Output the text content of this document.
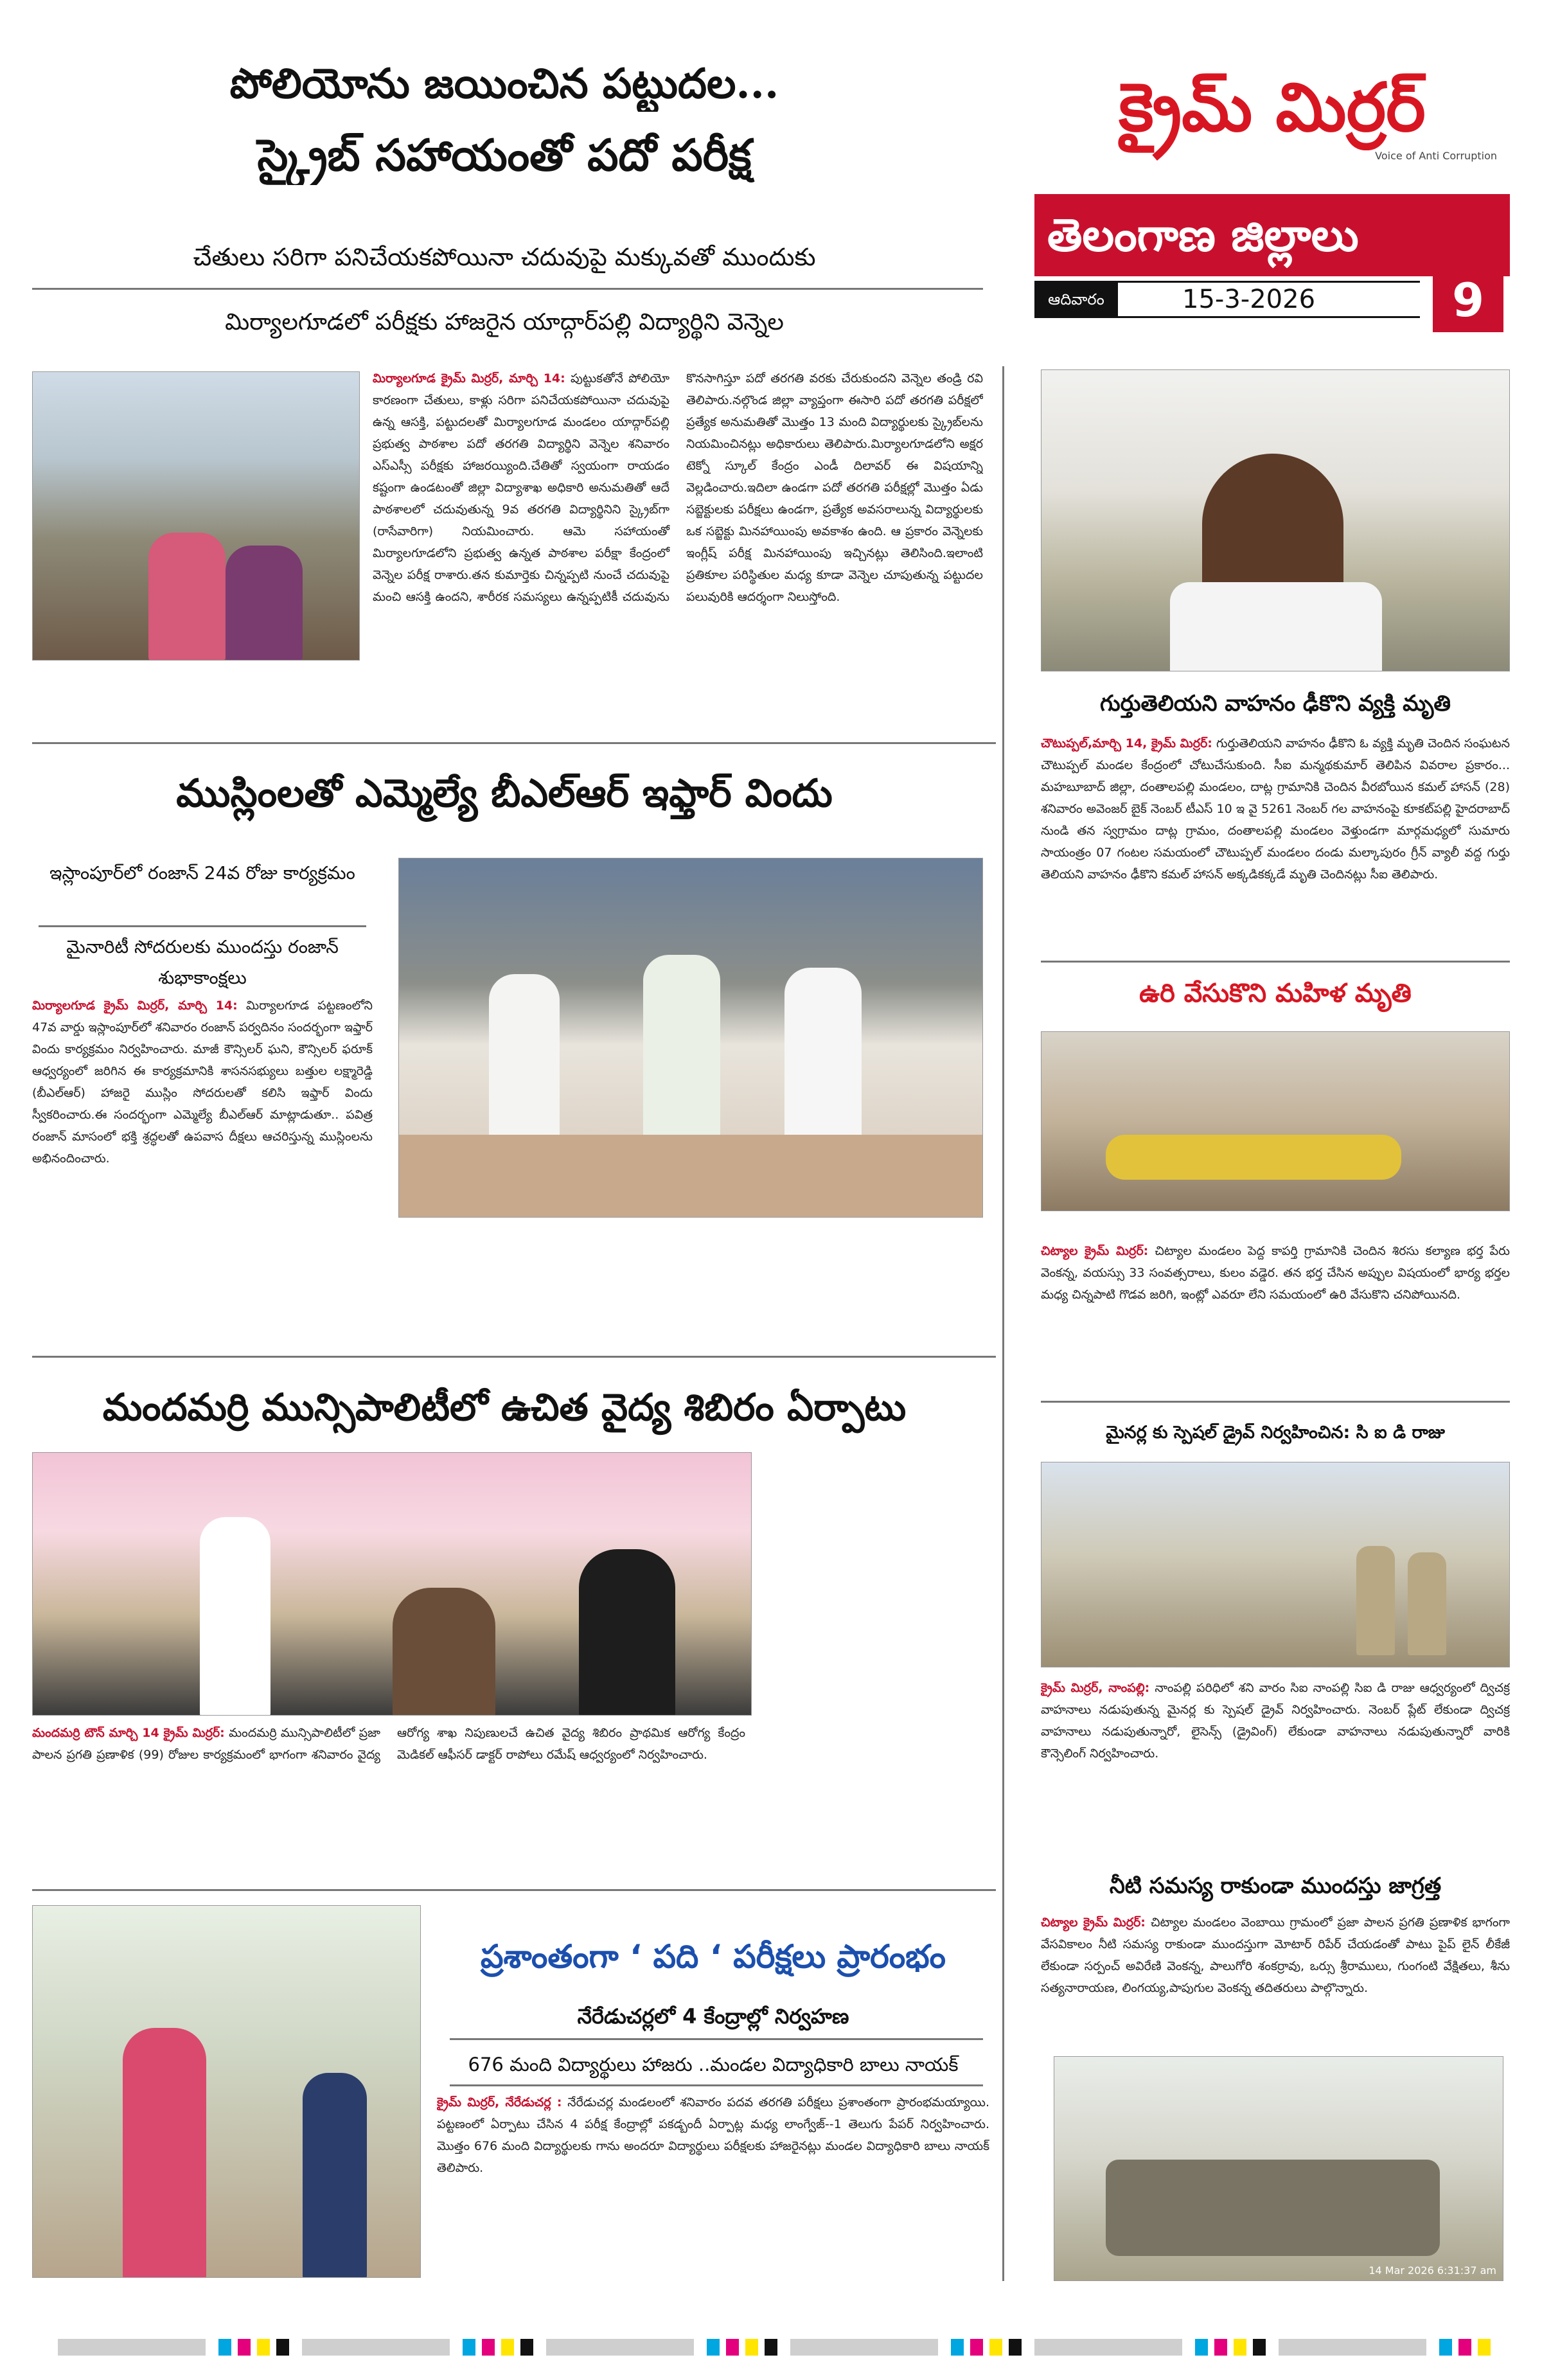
పోలియోను జయించిన పట్టుదల...
స్క్రైబ్ సహాయంతో పదో పరీక్ష
చేతులు సరిగా పనిచేయకపోయినా చదువుపై మక్కువతో ముందుకు
మిర్యాలగూడలో పరీక్షకు హాజరైన యాద్గార్‌పల్లి విద్యార్థిని వెన్నెల
క్రైమ్ మిర్రర్
Voice of Anti Corruption
తెలంగాణ జిల్లాలు
ఆదివారం	15-3-2026	9
మిర్యాలగూడ క్రైమ్ మిర్రర్, మార్చి 14: పుట్టుకతోనే పోలియో కారణంగా చేతులు, కాళ్లు సరిగా పనిచేయకపోయినా చదువుపై ఉన్న ఆసక్తి, పట్టుదలతో మిర్యాలగూడ మండలం యాద్గార్‌పల్లి ప్రభుత్వ పాఠశాల పదో తరగతి విద్యార్థిని వెన్నెల శనివారం ఎస్ఎస్సీ పరీక్షకు హాజరయ్యింది.చేతితో స్వయంగా రాయడం కష్టంగా ఉండటంతో జిల్లా విద్యాశాఖ అధికారి అనుమతితో ఆదే పాఠశాలలో చదువుతున్న 9వ తరగతి విద్యార్థినిని స్క్రైబ్‌గా (రాసేవారిగా) నియమించారు. ఆమె సహాయంతో మిర్యాలగూడలోని ప్రభుత్వ ఉన్నత పాఠశాల పరీక్షా కేంద్రంలో వెన్నెల పరీక్ష రాశారు.తన కుమార్తెకు చిన్నప్పటి నుంచే చదువుపై మంచి ఆసక్తి ఉందని, శారీరక సమస్యలు ఉన్నప్పటికీ చదువును కొనసాగిస్తూ పదో తరగతి వరకు చేరుకుందని వెన్నెల తండ్రి రవి తెలిపారు.నల్గొండ జిల్లా వ్యాప్తంగా ఈసారి పదో తరగతి పరీక్షలో ప్రత్యేక అనుమతితో మొత్తం 13 మంది విద్యార్థులకు స్క్రైబ్‌లను నియమించినట్లు అధికారులు తెలిపారు.మిర్యాలగూడలోని అక్షర టెక్నో స్కూల్ కేంద్రం ఎండీ దిలావర్ ఈ విషయాన్ని వెల్లడించారు.ఇదిలా ఉండగా పదో తరగతి పరీక్షల్లో మొత్తం ఏడు సబ్జెక్టులకు పరీక్షలు ఉండగా, ప్రత్యేక అవసరాలున్న విద్యార్థులకు ఒక సబ్జెక్టు మినహాయింపు అవకాశం ఉంది. ఆ ప్రకారం వెన్నెలకు ఇంగ్లీష్ పరీక్ష మినహాయింపు ఇచ్చినట్లు తెలిసింది.ఇలాంటి ప్రతికూల పరిస్థితుల మధ్య కూడా వెన్నెల చూపుతున్న పట్టుదల పలువురికి ఆదర్శంగా నిలుస్తోంది.
ముస్లింలతో ఎమ్మెల్యే బీఎల్ఆర్ ఇఫ్తార్ విందు
ఇస్లాంపూర్‌లో రంజాన్ 24వ రోజు కార్యక్రమం
మైనారిటీ సోదరులకు ముందస్తు రంజాన్ శుభాకాంక్షలు
మిర్యాలగూడ క్రైమ్ మిర్రర్, మార్చి 14: మిర్యాలగూడ పట్టణంలోని 47వ వార్డు ఇస్లాంపూర్‌లో శనివారం రంజాన్ పర్వదినం సందర్భంగా ఇఫ్తార్ విందు కార్యక్రమం నిర్వహించారు. మాజీ కౌన్సిలర్ ఘని, కౌన్సిలర్ ఫరూక్ ఆధ్వర్యంలో జరిగిన ఈ కార్యక్రమానికి శాసనసభ్యులు బత్తుల లక్ష్మారెడ్డి (బీఎల్ఆర్) హాజరై ముస్లిం సోదరులతో కలిసి ఇఫ్తార్ విందు స్వీకరించారు.ఈ సందర్భంగా ఎమ్మెల్యే బీఎల్ఆర్ మాట్లాడుతూ.. పవిత్ర రంజాన్ మాసంలో భక్తి శ్రద్ధలతో ఉపవాస దీక్షలు ఆచరిస్తున్న ముస్లింలను అభినందించారు.
మందమర్రి మున్సిపాలిటీలో ఉచిత వైద్య శిబిరం ఏర్పాటు
మందమర్రి టౌన్ మార్చి 14 క్రైమ్ మిర్రర్: మందమర్రి మున్సిపాలిటీలో ప్రజా పాలన ప్రగతి ప్రణాళిక (99) రోజుల కార్యక్రమంలో భాగంగా శనివారం వైద్య ఆరోగ్య శాఖ నిపుణులచే ఉచిత వైద్య శిబిరం ప్రాథమిక ఆరోగ్య కేంద్రం మెడికల్ ఆఫీసర్ డాక్టర్ రాపోలు రమేష్ ఆధ్వర్యంలో నిర్వహించారు.
ప్రశాంతంగా ‘ పది ‘ పరీక్షలు ప్రారంభం
నేరేడుచర్లలో 4 కేంద్రాల్లో నిర్వహణ
676 మంది విద్యార్థులు హాజరు ..మండల విద్యాధికారి బాలు నాయక్
క్రైమ్ మిర్రర్, నేరేడుచర్ల : నేరేడుచర్ల మండలంలో శనివారం పదవ తరగతి పరీక్షలు ప్రశాంతంగా ప్రారంభమయ్యాయి. పట్టణంలో ఏర్పాటు చేసిన 4 పరీక్ష కేంద్రాల్లో పకడ్బందీ ఏర్పాట్ల మధ్య లాంగ్వేజ్--1 తెలుగు పేపర్ నిర్వహించారు. మొత్తం 676 మంది విద్యార్థులకు గాను అందరూ విద్యార్థులు పరీక్షలకు హాజరైనట్లు మండల విద్యాధికారి బాలు నాయక్ తెలిపారు.
గుర్తుతెలియని వాహనం ఢీకొని వ్యక్తి మృతి
చౌటుప్పల్,మార్చి 14, క్రైమ్ మిర్రర్: గుర్తుతెలియని వాహనం ఢీకొని ఓ వ్యక్తి మృతి చెందిన సంఘటన చౌటుప్పల్ మండల కేంద్రంలో చోటుచేసుకుంది. సీఐ మన్మథకుమార్ తెలిపిన వివరాల ప్రకారం... మహబూబాద్ జిల్లా, దంతాలపల్లి మండలం, దాట్ల గ్రామానికి చెందిన వీరబోయిన కమల్ హాసన్ (28) శనివారం అవెంజర్ బైక్ నెంబర్ టీఎస్ 10 ఇ వై 5261 నెంబర్ గల వాహనంపై కూకట్‌పల్లి హైదరాబాద్ నుండి తన స్వగ్రామం దాట్ల గ్రామం, దంతాలపల్లి మండలం వెళ్తుండగా మార్గమధ్యలో సుమారు సాయంత్రం 07 గంటల సమయంలో చౌటుప్పల్ మండలం దండు మల్కాపురం గ్రీన్ వ్యాలీ వద్ద గుర్తు తెలియని వాహనం ఢీకొని కమల్ హాసన్ అక్కడికక్కడే మృతి చెందినట్లు సీఐ తెలిపారు.
ఉరి వేసుకొని మహిళ మృతి
చిట్యాల క్రైమ్ మిర్రర్: చిట్యాల మండలం పెద్ద కాపర్తి గ్రామానికి చెందిన శిరసు కల్యాణ భర్త పేరు వెంకన్న, వయస్సు 33 సంవత్సరాలు, కులం వడ్డెర. తన భర్త చేసిన అప్పుల విషయంలో భార్య భర్తల మధ్య చిన్నపాటి గొడవ జరిగి, ఇంట్లో ఎవరూ లేని సమయంలో ఉరి వేసుకొని చనిపోయినది.
మైనర్ల కు స్పెషల్ డ్రైవ్ నిర్వహించిన: సి ఐ డి రాజు
క్రైమ్ మిర్రర్, నాంపల్లి: నాంపల్లి పరిధిలో శని వారం సిఐ నాంపల్లి సిఐ డి రాజు ఆధ్వర్యంలో ద్విచక్ర వాహనాలు నడుపుతున్న మైనర్ల కు స్పెషల్ డ్రైవ్ నిర్వహించారు. నెంబర్ ప్లేట్ లేకుండా ద్విచక్ర వాహనాలు నడుపుతున్నారో, లైసెన్స్ (డ్రైవింగ్) లేకుండా వాహనాలు నడుపుతున్నారో వారికి కౌన్సెలింగ్ నిర్వహించారు.
నీటి సమస్య రాకుండా ముందస్తు జాగ్రత్త
చిట్యాల క్రైమ్ మిర్రర్: చిట్యాల మండలం వెంబాయి గ్రామంలో ప్రజా పాలన ప్రగతి ప్రణాళిక భాగంగా వేసవికాలం నీటి సమస్య రాకుండా ముందస్తుగా మోటార్ రిపేర్ చేయడంతో పాటు పైప్ లైన్ లీకేజీ లేకుండా సర్పంచ్ అవిరేణి వెంకన్న, పాలుగోరి శంకర్రావు, ఒర్సు శ్రీరాములు, గుంగంటి వేక్షితలు, శీను సత్యనారాయణ, లింగయ్య,పాపుగుల వెంకన్న తదితరులు పాల్గొన్నారు.
14 Mar 2026 6:31:37 am
